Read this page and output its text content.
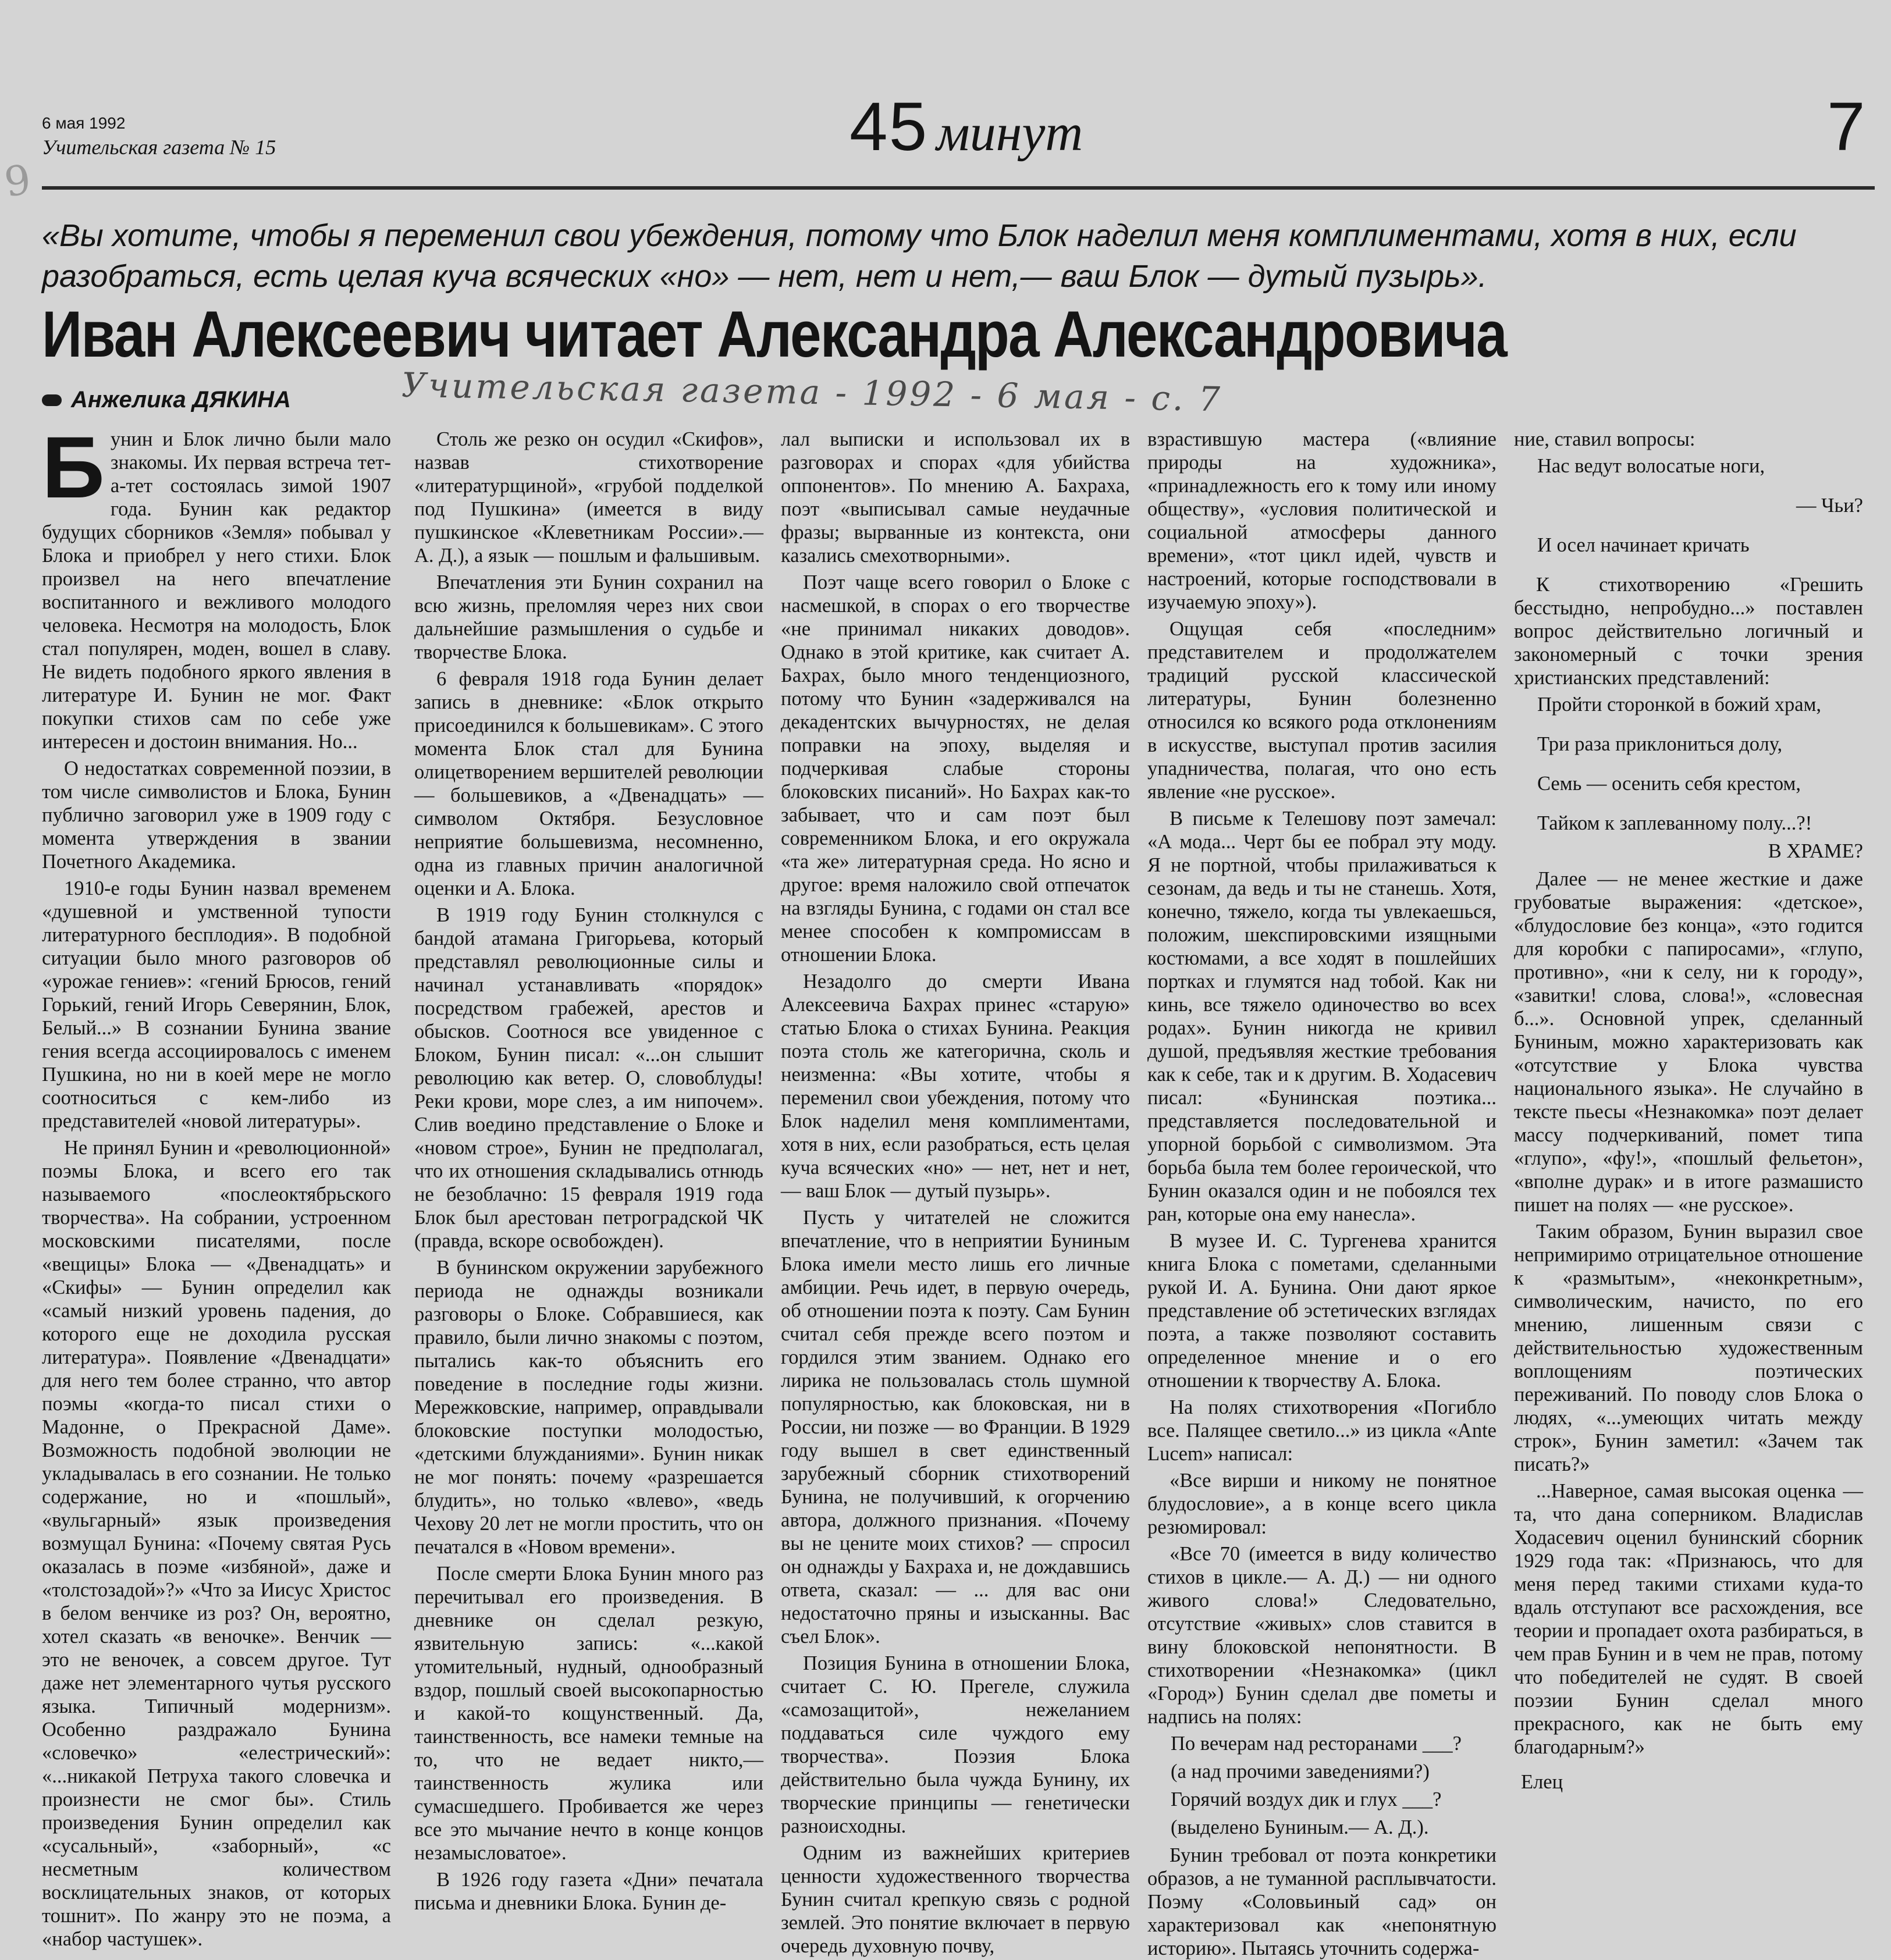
9
6 мая 1992
Учительская газета № 15	45 минут	7
«Вы хотите, чтобы я переменил свои убеждения, потому что Блок наделил меня комплиментами, хотя в них, если разобраться, есть целая куча всяческих «но» — нет, нет и нет,— ваш Блок — дутый пузырь».
Иван Алексеевич читает Александра Александровича
Анжелика ДЯКИНА	Учительская газета - 1992 - 6 мая - с. 7

Бунин и Блок лично были мало знакомы. Их первая встреча тет-а-тет состоялась зимой 1907 года. Бунин как редактор будущих сборников «Земля» побывал у Блока и приобрел у него стихи. Блок произвел на него впечатление воспитанного и вежливого молодого человека. Несмотря на молодость, Блок стал популярен, моден, вошел в славу. Не видеть подобного яркого явления в литературе И. Бунин не мог. Факт покупки стихов сам по себе уже интересен и достоин внимания. Но...

О недостатках современной поэзии, в том числе символистов и Блока, Бунин публично заговорил уже в 1909 году с момента утверждения в звании Почетного Академика.

1910-е годы Бунин назвал временем «душевной и умственной тупости литературного бесплодия». В подобной ситуации было много разговоров об «урожае гениев»: «гений Брюсов, гений Горький, гений Игорь Северянин, Блок, Белый...» В сознании Бунина звание гения всегда ассоциировалось с именем Пушкина, но ни в коей мере не могло соотноситься с кем-либо из представителей «новой литературы».

Не принял Бунин и «революционной» поэмы Блока, и всего его так называемого «послеоктябрьского творчества». На собрании, устроенном московскими писателями, после «вещицы» Блока — «Двенадцать» и «Скифы» — Бунин определил как «самый низкий уровень падения, до которого еще не доходила русская литература». Появление «Двенадцати» для него тем более странно, что автор поэмы «когда-то писал стихи о Мадонне, о Прекрасной Даме». Возможность подобной эволюции не укладывалась в его сознании. Не только содержание, но и «пошлый», «вульгарный» язык произведения возмущал Бунина: «Почему святая Русь оказалась в поэме «избяной», даже и «толстозадой»?» «Что за Иисус Христос в белом венчике из роз? Он, вероятно, хотел сказать «в веночке». Венчик — это не веночек, а совсем другое. Тут даже нет элементарного чутья русского языка. Типичный модернизм». Особенно раздражало Бунина «словечко» «елестрический»: «...никакой Петруха такого словечка и произнести не смог бы». Стиль произведения Бунин определил как «сусальный», «заборный», «с несметным количеством восклицательных знаков, от которых тошнит». По жанру это не поэма, а «набор частушек».

Столь же резко он осудил «Скифов», назвав стихотворение «литературщиной», «грубой подделкой под Пушкина» (имеется в виду пушкинское «Клеветникам России».— А. Д.), а язык — пошлым и фальшивым.

Впечатления эти Бунин сохранил на всю жизнь, преломляя через них свои дальнейшие размышления о судьбе и творчестве Блока.

6 февраля 1918 года Бунин делает запись в дневнике: «Блок открыто присоединился к большевикам». С этого момента Блок стал для Бунина олицетворением вершителей революции — большевиков, а «Двенадцать» — символом Октября. Безусловное неприятие большевизма, несомненно, одна из главных причин аналогичной оценки и А. Блока.

В 1919 году Бунин столкнулся с бандой атамана Григорьева, который представлял революционные силы и начинал устанавливать «порядок» посредством грабежей, арестов и обысков. Соотнося все увиденное с Блоком, Бунин писал: «...он слышит революцию как ветер. О, словоблуды! Реки крови, море слез, а им нипочем». Слив воедино представление о Блоке и «новом строе», Бунин не предполагал, что их отношения складывались отнюдь не безоблачно: 15 февраля 1919 года Блок был арестован петроградской ЧК (правда, вскоре освобожден).

В бунинском окружении зарубежного периода не однажды возникали разговоры о Блоке. Собравшиеся, как правило, были лично знакомы с поэтом, пытались как-то объяснить его поведение в последние годы жизни. Мережковские, например, оправдывали блоковские поступки молодостью, «детскими блужданиями». Бунин никак не мог понять: почему «разрешается блудить», но только «влево», «ведь Чехову 20 лет не могли простить, что он печатался в «Новом времени».

После смерти Блока Бунин много раз перечитывал его произведения. В дневнике он сделал резкую, язвительную запись: «...какой утомительный, нудный, однообразный вздор, пошлый своей высокопарностью и какой-то кощунственный. Да, таинственность, все намеки темные на то, что не ведает никто,— таинственность жулика или сумасшедшего. Пробивается же через все это мычание нечто в конце концов незамысловатое».

В 1926 году газета «Дни» печатала письма и дневники Блока. Бунин де-

лал выписки и использовал их в разговорах и спорах «для убийства оппонентов». По мнению А. Бахраха, поэт «выписывал самые неудачные фразы; вырванные из контекста, они казались смехотворными».

Поэт чаще всего говорил о Блоке с насмешкой, в спорах о его творчестве «не принимал никаких доводов». Однако в этой критике, как считает А. Бахрах, было много тенденциозного, потому что Бунин «задерживался на декадентских вычурностях, не делая поправки на эпоху, выделяя и подчеркивая слабые стороны блоковских писаний». Но Бахрах как-то забывает, что и сам поэт был современником Блока, и его окружала «та же» литературная среда. Но ясно и другое: время наложило свой отпечаток на взгляды Бунина, с годами он стал все менее способен к компромиссам в отношении Блока.

Незадолго до смерти Ивана Алексеевича Бахрах принес «старую» статью Блока о стихах Бунина. Реакция поэта столь же категорична, сколь и неизменна: «Вы хотите, чтобы я переменил свои убеждения, потому что Блок наделил меня комплиментами, хотя в них, если разобраться, есть целая куча всяческих «но» — нет, нет и нет, — ваш Блок — дутый пузырь».

Пусть у читателей не сложится впечатление, что в неприятии Буниным Блока имели место лишь его личные амбиции. Речь идет, в первую очередь, об отношении поэта к поэту. Сам Бунин считал себя прежде всего поэтом и гордился этим званием. Однако его лирика не пользовалась столь шумной популярностью, как блоковская, ни в России, ни позже — во Франции. В 1929 году вышел в свет единственный зарубежный сборник стихотворений Бунина, не получивший, к огорчению автора, должного признания. «Почему вы не цените моих стихов? — спросил он однажды у Бахраха и, не дождавшись ответа, сказал: — ... для вас они недостаточно пряны и изысканны. Вас съел Блок».

Позиция Бунина в отношении Блока, считает С. Ю. Прегеле, служила «самозащитой», нежеланием поддаваться силе чуждого ему творчества». Поэзия Блока действительно была чужда Бунину, их творческие принципы — генетически разноисходны.

Одним из важнейших критериев ценности художественного творчества Бунин считал крепкую связь с родной землей. Это понятие включает в первую очередь духовную почву,

взрастившую мастера («влияние природы на художника», «принадлежность его к тому или иному обществу», «условия политической и социальной атмосферы данного времени», «тот цикл идей, чувств и настроений, которые господствовали в изучаемую эпоху»).

Ощущая себя «последним» представителем и продолжателем традиций русской классической литературы, Бунин болезненно относился ко всякого рода отклонениям в искусстве, выступал против засилия упадничества, полагая, что оно есть явление «не русское».

В письме к Телешову поэт замечал: «А мода... Черт бы ее побрал эту моду. Я не портной, чтобы прилаживаться к сезонам, да ведь и ты не станешь. Хотя, конечно, тяжело, когда ты увлекаешься, положим, шекспировскими изящными костюмами, а все ходят в пошлейших портках и глумятся над тобой. Как ни кинь, все тяжело одиночество во всех родах». Бунин никогда не кривил душой, предъявляя жесткие требования как к себе, так и к другим. В. Ходасевич писал: «Бунинская поэтика... представляется последовательной и упорной борьбой с символизмом. Эта борьба была тем более героической, что Бунин оказался один и не побоялся тех ран, которые она ему нанесла».

В музее И. С. Тургенева хранится книга Блока с пометами, сделанными рукой И. А. Бунина. Они дают яркое представление об эстетических взглядах поэта, а также позволяют составить определенное мнение и о его отношении к творчеству А. Блока.

На полях стихотворения «Погибло все. Палящее светило...» из цикла «Ante Lucem» написал:

«Все вирши и никому не понятное блудословие», а в конце всего цикла резюмировал:

«Все 70 (имеется в виду количество стихов в цикле.— А. Д.) — ни одного живого слова!» Следовательно, отсутствие «живых» слов ставится в вину блоковской непонятности. В стихотворении «Незнакомка» (цикл «Город») Бунин сделал две пометы и надпись на полях:

По вечерам над ресторанами ___?

(а над прочими заведениями?)

Горячий воздух дик и глух ___?

(выделено Буниным.— А. Д.).

Бунин требовал от поэта конкретики образов, а не туманной расплывчатости. Поэму «Соловьиный сад» он характеризовал как «непонятную историю». Пытаясь уточнить содержа-

ние, ставил вопросы:

Нас ведут волосатые ноги,

— Чьи?

И осел начинает кричать

К стихотворению «Грешить бесстыдно, непробудно...» поставлен вопрос действительно логичный и закономерный с точки зрения христианских представлений:

Пройти сторонкой в божий храм,

Три раза приклониться долу,

Семь — осенить себя крестом,

Тайком к заплеванному полу...?!

В ХРАМЕ?

Далее — не менее жесткие и даже грубоватые выражения: «детское», «блудословие без конца», «это годится для коробки с папиросами», «глупо, противно», «ни к селу, ни к городу», «завитки! слова, слова!», «словесная б...». Основной упрек, сделанный Буниным, можно характеризовать как «отсутствие у Блока чувства национального языка». Не случайно в тексте пьесы «Незнакомка» поэт делает массу подчеркиваний, помет типа «глупо», «фу!», «пошлый фельетон», «вполне дурак» и в итоге размашисто пишет на полях — «не русское».

Таким образом, Бунин выразил свое непримиримо отрицательное отношение к «размытым», «неконкретным», символическим, начисто, по его мнению, лишенным связи с действительностью художественным воплощениям поэтических переживаний. По поводу слов Блока о людях, «...умеющих читать между строк», Бунин заметил: «Зачем так писать?»

...Наверное, самая высокая оценка — та, что дана соперником. Владислав Ходасевич оценил бунинский сборник 1929 года так: «Признаюсь, что для меня перед такими стихами куда-то вдаль отступают все расхождения, все теории и пропадает охота разбираться, в чем прав Бунин и в чем не прав, потому что победителей не судят. В своей поэзии Бунин сделал много прекрасного, как не быть ему благодарным?»

Елец
